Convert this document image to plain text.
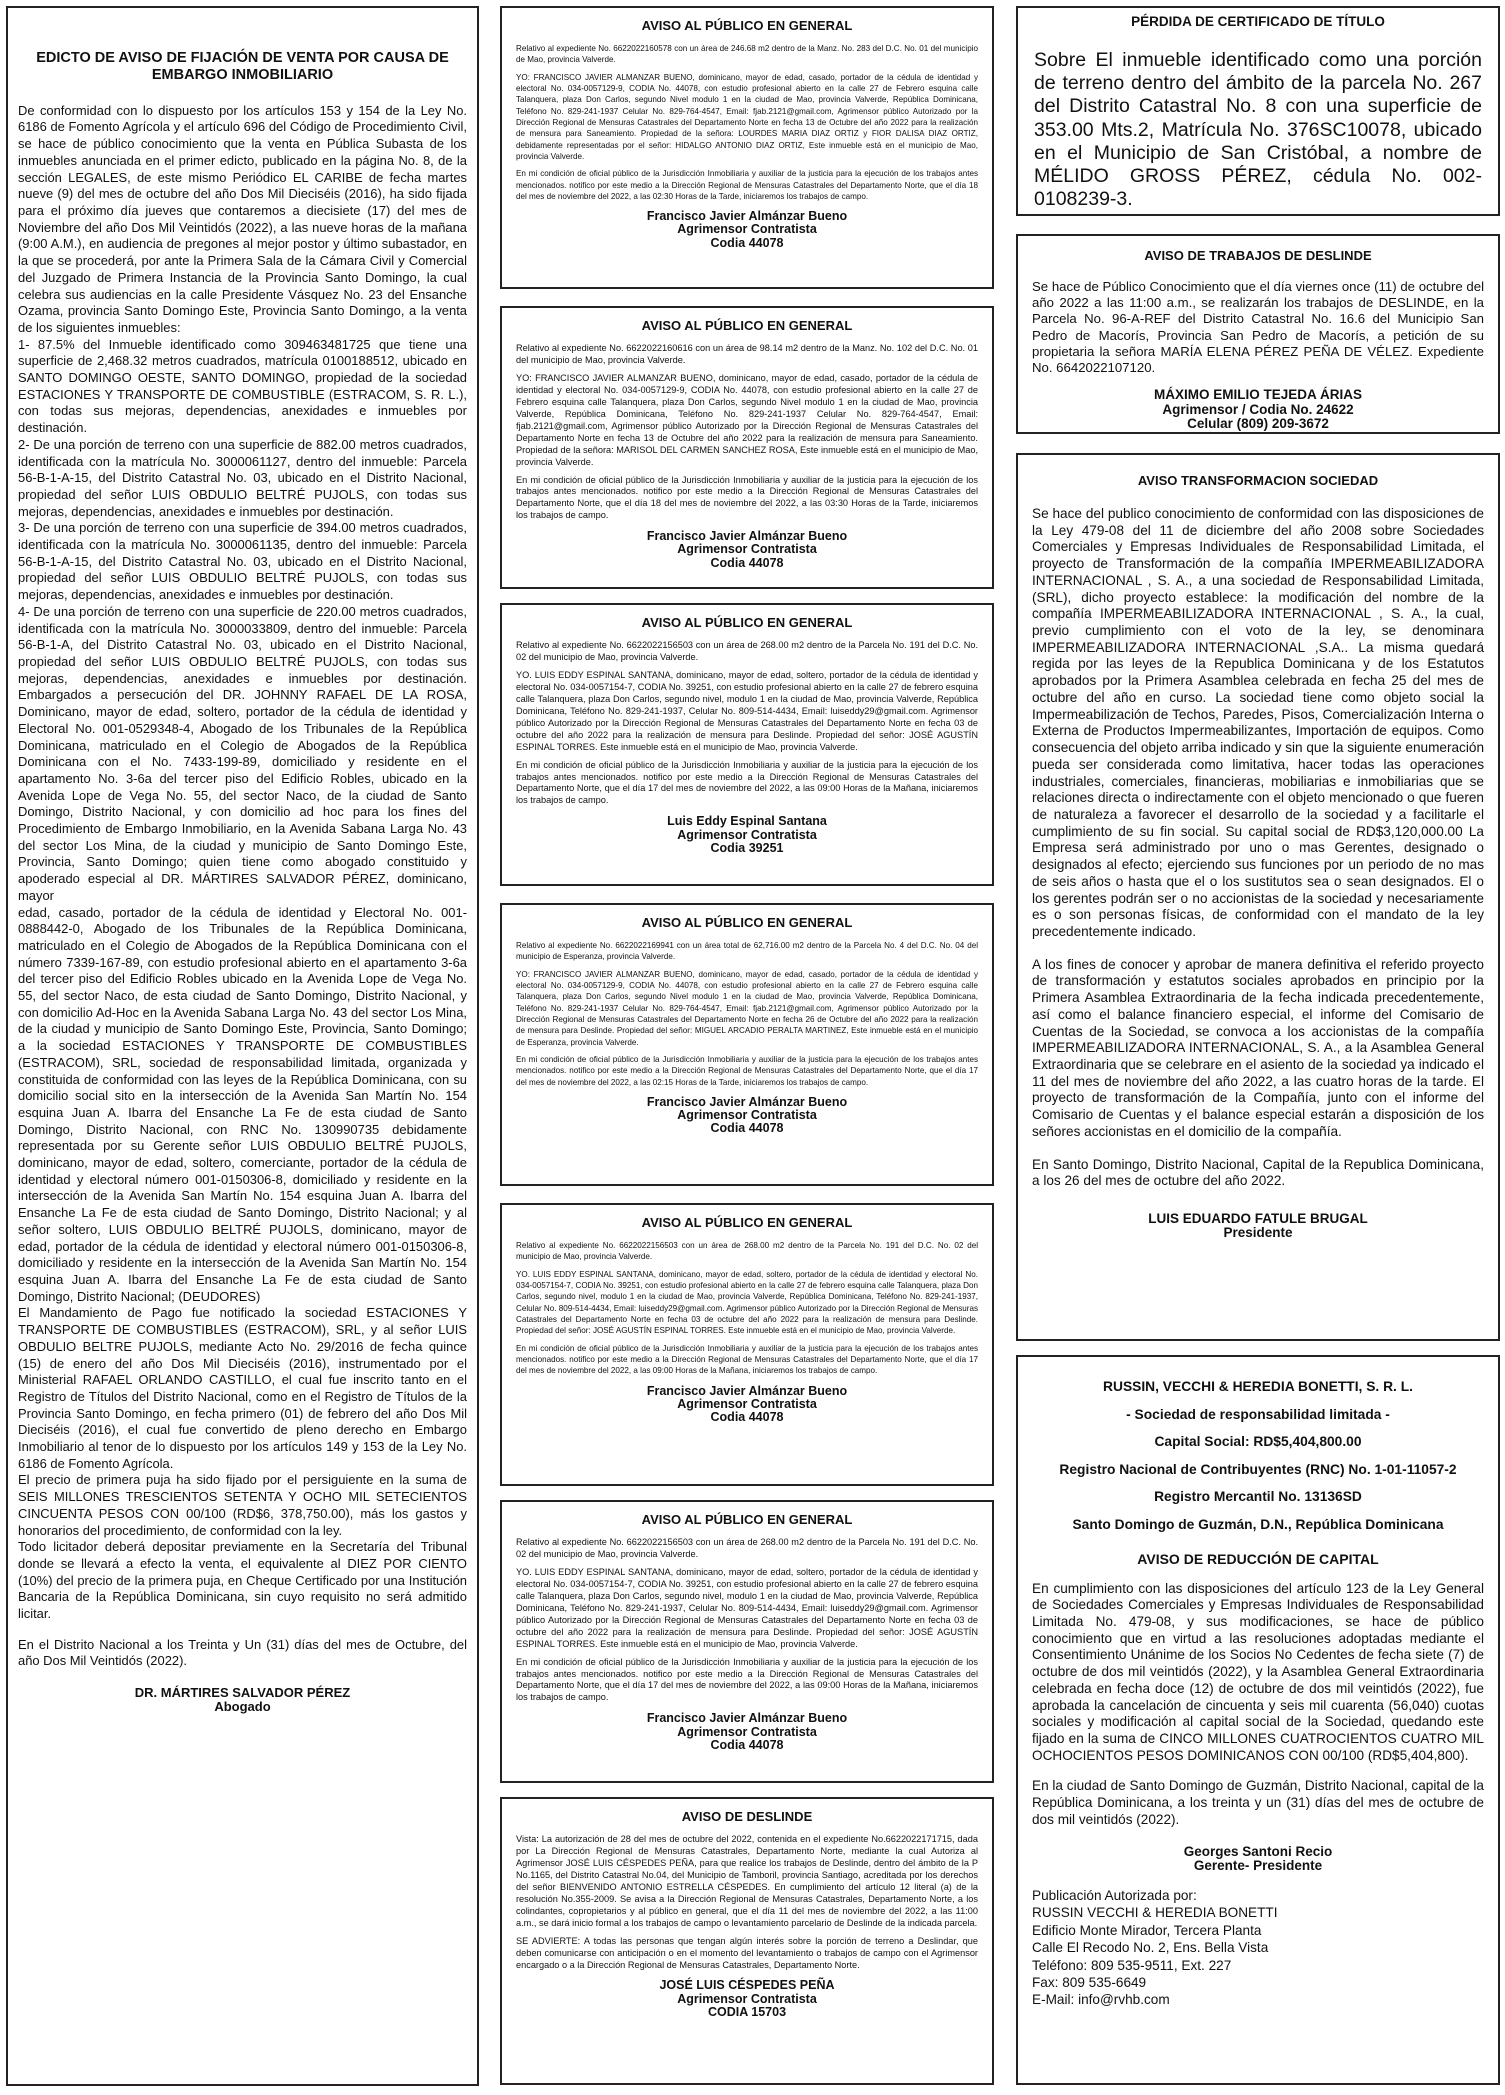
EDICTO DE AVISO DE FIJACIÓN DE VENTA POR CAUSA DE EMBARGO INMOBILIARIO

De conformidad con lo dispuesto por los artículos 153 y 154 de la Ley No. 6186 de Fomento Agrícola y el artículo 696 del Código de Procedimiento Civil, se hace de público conocimiento que la venta en Pública Subasta de los inmuebles anunciada en el primer edicto, publicado en la página No. 8, de la sección LEGALES, de este mismo Periódico EL CARIBE de fecha martes nueve (9) del mes de octubre del año Dos Mil Dieciséis (2016), ha sido fijada para el próximo día jueves que contaremos a diecisiete (17) del mes de Noviembre del año Dos Mil Veintidós (2022), a las nueve horas de la mañana (9:00 A.M.), en audiencia de pregones al mejor postor y último subastador, en la que se procederá, por ante la Primera Sala de la Cámara Civil y Comercial del Juzgado de Primera Instancia de la Provincia Santo Domingo, la cual celebra sus audiencias en la calle Presidente Vásquez No. 23 del Ensanche Ozama, provincia Santo Domingo Este, Provincia Santo Domingo, a la venta de los siguientes inmuebles:

1- 87.5% del Inmueble identificado como 309463481725 que tiene una superficie de 2,468.32 metros cuadrados, matrícula 0100188512, ubicado en SANTO DOMINGO OESTE, SANTO DOMINGO, propiedad de la sociedad ESTACIONES Y TRANSPORTE DE COMBUSTIBLE (ESTRACOM, S. R. L.), con todas sus mejoras, dependencias, anexidades e inmuebles por destinación.

2- De una porción de terreno con una superficie de 882.00 metros cuadrados, identificada con la matrícula No. 3000061127, dentro del inmueble: Parcela 56-B-1-A-15, del Distrito Catastral No. 03, ubicado en el Distrito Nacional, propiedad del señor LUIS OBDULIO BELTRÉ PUJOLS, con todas sus mejoras, dependencias, anexidades e inmuebles por destinación.

3- De una porción de terreno con una superficie de 394.00 metros cuadrados, identificada con la matrícula No. 3000061135, dentro del inmueble: Parcela 56-B-1-A-15, del Distrito Catastral No. 03, ubicado en el Distrito Nacional, propiedad del señor LUIS OBDULIO BELTRÉ PUJOLS, con todas sus mejoras, dependencias, anexidades e inmuebles por destinación.

4- De una porción de terreno con una superficie de 220.00 metros cuadrados, identificada con la matrícula No. 3000033809, dentro del inmueble: Parcela 56-B-1-A, del Distrito Catastral No. 03, ubicado en el Distrito Nacional, propiedad del señor LUIS OBDULIO BELTRÉ PUJOLS, con todas sus mejoras, dependencias, anexidades e inmuebles por destinación. Embargados a persecución del DR. JOHNNY RAFAEL DE LA ROSA, Dominicano, mayor de edad, soltero, portador de la cédula de identidad y Electoral No. 001-0529348-4, Abogado de los Tribunales de la República Dominicana, matriculado en el Colegio de Abogados de la República Dominicana con el No. 7433-199-89, domiciliado y residente en el apartamento No. 3-6a del tercer piso del Edificio Robles, ubicado en la Avenida Lope de Vega No. 55, del sector Naco, de la ciudad de Santo Domingo, Distrito Nacional, y con domicilio ad hoc para los fines del Procedimiento de Embargo Inmobiliario, en la Avenida Sabana Larga No. 43 del sector Los Mina, de la ciudad y municipio de Santo Domingo Este, Provincia, Santo Domingo; quien tiene como abogado constituido y apoderado especial al DR. MÁRTIRES SALVADOR PÉREZ, dominicano, mayor

edad, casado, portador de la cédula de identidad y Electoral No. 001-0888442-0, Abogado de los Tribunales de la República Dominicana, matriculado en el Colegio de Abogados de la República Dominicana con el número 7339-167-89, con estudio profesional abierto en el apartamento 3-6a del tercer piso del Edificio Robles ubicado en la Avenida Lope de Vega No. 55, del sector Naco, de esta ciudad de Santo Domingo, Distrito Nacional, y con domicilio Ad-Hoc en la Avenida Sabana Larga No. 43 del sector Los Mina, de la ciudad y municipio de Santo Domingo Este, Provincia, Santo Domingo; a la sociedad ESTACIONES Y TRANSPORTE DE COMBUSTIBLES (ESTRACOM), SRL, sociedad de responsabilidad limitada, organizada y constituida de conformidad con las leyes de la República Dominicana, con su domicilio social sito en la intersección de la Avenida San Martín No. 154 esquina Juan A. Ibarra del Ensanche La Fe de esta ciudad de Santo Domingo, Distrito Nacional, con RNC No. 130990735 debidamente representada por su Gerente señor LUIS OBDULIO BELTRÉ PUJOLS, dominicano, mayor de edad, soltero, comerciante, portador de la cédula de identidad y electoral número 001-0150306-8, domiciliado y residente en la intersección de la Avenida San Martín No. 154 esquina Juan A. Ibarra del Ensanche La Fe de esta ciudad de Santo Domingo, Distrito Nacional; y al señor soltero, LUIS OBDULIO BELTRÉ PUJOLS, dominicano, mayor de edad, portador de la cédula de identidad y electoral número 001-0150306-8, domiciliado y residente en la intersección de la Avenida San Martín No. 154 esquina Juan A. Ibarra del Ensanche La Fe de esta ciudad de Santo Domingo, Distrito Nacional; (DEUDORES)

El Mandamiento de Pago fue notificado la sociedad ESTACIONES Y TRANSPORTE DE COMBUSTIBLES (ESTRACOM), SRL, y al señor LUIS OBDULIO BELTRE PUJOLS, mediante Acto No. 29/2016 de fecha quince (15) de enero del año Dos Mil Dieciséis (2016), instrumentado por el Ministerial RAFAEL ORLANDO CASTILLO, el cual fue inscrito tanto en el Registro de Títulos del Distrito Nacional, como en el Registro de Títulos de la Provincia Santo Domingo, en fecha primero (01) de febrero del año Dos Mil Dieciséis (2016), el cual fue convertido de pleno derecho en Embargo Inmobiliario al tenor de lo dispuesto por los artículos 149 y 153 de la Ley No. 6186 de Fomento Agrícola.

El precio de primera puja ha sido fijado por el persiguiente en la suma de SEIS MILLONES TRESCIENTOS SETENTA Y OCHO MIL SETECIENTOS CINCUENTA PESOS CON 00/100 (RD$6, 378,750.00), más los gastos y honorarios del procedimiento, de conformidad con la ley.

Todo licitador deberá depositar previamente en la Secretaría del Tribunal donde se llevará a efecto la venta, el equivalente al DIEZ POR CIENTO (10%) del precio de la primera puja, en Cheque Certificado por una Institución Bancaria de la República Dominicana, sin cuyo requisito no será admitido licitar.

En el Distrito Nacional a los Treinta y Un (31) días del mes de Octubre, del año Dos Mil Veintidós (2022).
DR. MÁRTIRES SALVADOR PÉREZ
Abogado
AVISO AL PÚBLICO EN GENERAL

Relativo al expediente No. 6622022160578 con un área de 246.68 m2 dentro de la Manz. No. 283 del D.C. No. 01 del municipio de Mao, provincia Valverde.

YO: FRANCISCO JAVIER ALMANZAR BUENO, dominicano, mayor de edad, casado, portador de la cédula de identidad y electoral No. 034-0057129-9, CODIA No. 44078, con estudio profesional abierto en la calle 27 de Febrero esquina calle Talanquera, plaza Don Carlos, segundo Nivel modulo 1 en la ciudad de Mao, provincia Valverde, República Dominicana, Teléfono No. 829-241-1937 Celular No. 829-764-4547, Email: fjab.2121@gmail.com, Agrimensor público Autorizado por la Dirección Regional de Mensuras Catastrales del Departamento Norte en fecha 13 de Octubre del año 2022 para la realización de mensura para Saneamiento. Propiedad de la señora: LOURDES MARIA DIAZ ORTIZ y FIOR DALISA DIAZ ORTIZ, debidamente representadas por el señor: HIDALGO ANTONIO DIAZ ORTIZ, Este inmueble está en el municipio de Mao, provincia Valverde.

En mi condición de oficial público de la Jurisdicción Inmobiliaria y auxiliar de la justicia para la ejecución de los trabajos antes mencionados. notifico por este medio a la Dirección Regional de Mensuras Catastrales del Departamento Norte, que el día 18 del mes de noviembre del 2022, a las 02:30 Horas de la Tarde, iniciaremos los trabajos de campo.

Francisco Javier Almánzar Bueno
Agrimensor Contratista
Codia 44078
AVISO AL PÚBLICO EN GENERAL

Relativo al expediente No. 6622022160616 con un área de 98.14 m2 dentro de la Manz. No. 102 del D.C. No. 01 del municipio de Mao, provincia Valverde.

YO: FRANCISCO JAVIER ALMANZAR BUENO, dominicano, mayor de edad, casado, portador de la cédula de identidad y electoral No. 034-0057129-9, CODIA No. 44078, con estudio profesional abierto en la calle 27 de Febrero esquina calle Talanquera, plaza Don Carlos, segundo Nivel modulo 1 en la ciudad de Mao, provincia Valverde, República Dominicana, Teléfono No. 829-241-1937 Celular No. 829-764-4547, Email: fjab.2121@gmail.com, Agrimensor público Autorizado por la Dirección Regional de Mensuras Catastrales del Departamento Norte en fecha 13 de Octubre del año 2022 para la realización de mensura para Saneamiento. Propiedad de la señora: MARISOL DEL CARMEN SANCHEZ ROSA, Este inmueble está en el municipio de Mao, provincia Valverde.

En mi condición de oficial público de la Jurisdicción Inmobiliaria y auxiliar de la justicia para la ejecución de los trabajos antes mencionados. notifico por este medio a la Dirección Regional de Mensuras Catastrales del Departamento Norte, que el día 18 del mes de noviembre del 2022, a las 03:30 Horas de la Tarde, iniciaremos los trabajos de campo.

Francisco Javier Almánzar Bueno
Agrimensor Contratista
Codia 44078
AVISO AL PÚBLICO EN GENERAL

Relativo al expediente No. 6622022156503 con un área de 268.00 m2 dentro de la Parcela No. 191 del D.C. No. 02 del municipio de Mao, provincia Valverde.

YO. LUIS EDDY ESPINAL SANTANA, dominicano, mayor de edad, soltero, portador de la cédula de identidad y electoral No. 034-0057154-7, CODIA No. 39251, con estudio profesional abierto en la calle 27 de febrero esquina calle Talanquera, plaza Don Carlos, segundo nivel, modulo 1 en la ciudad de Mao, provincia Valverde, República Dominicana, Teléfono No. 829-241-1937, Celular No. 809-514-4434, Email: luiseddy29@gmail.com. Agrimensor público Autorizado por la Dirección Regional de Mensuras Catastrales del Departamento Norte en fecha 03 de octubre del año 2022 para la realización de mensura para Deslinde. Propiedad del señor: JOSÉ AGUSTÍN ESPINAL TORRES. Este inmueble está en el municipio de Mao, provincia Valverde.

En mi condición de oficial público de la Jurisdicción Inmobiliaria y auxiliar de la justicia para la ejecución de los trabajos antes mencionados. notifico por este medio a la Dirección Regional de Mensuras Catastrales del Departamento Norte, que el día 17 del mes de noviembre del 2022, a las 09:00 Horas de la Mañana, iniciaremos los trabajos de campo.

Luis Eddy Espinal Santana
Agrimensor Contratista
Codia 39251
AVISO AL PÚBLICO EN GENERAL

Relativo al expediente No. 6622022169941 con un área total de 62,716.00 m2 dentro de la Parcela No. 4 del D.C. No. 04 del municipio de Esperanza, provincia Valverde.

YO: FRANCISCO JAVIER ALMANZAR BUENO, dominicano, mayor de edad, casado, portador de la cédula de identidad y electoral No. 034-0057129-9, CODIA No. 44078, con estudio profesional abierto en la calle 27 de Febrero esquina calle Talanquera, plaza Don Carlos, segundo Nivel modulo 1 en la ciudad de Mao, provincia Valverde, República Dominicana, Teléfono No. 829-241-1937 Celular No. 829-764-4547, Email: fjab.2121@gmail.com, Agrimensor público Autorizado por la Dirección Regional de Mensuras Catastrales del Departamento Norte en fecha 26 de Octubre del año 2022 para la realización de mensura para Deslinde. Propiedad del señor: MIGUEL ARCADIO PERALTA MARTINEZ, Este inmueble está en el municipio de Esperanza, provincia Valverde.

En mi condición de oficial público de la Jurisdicción Inmobiliaria y auxiliar de la justicia para la ejecución de los trabajos antes mencionados. notifico por este medio a la Dirección Regional de Mensuras Catastrales del Departamento Norte, que el día 17 del mes de noviembre del 2022, a las 02:15 Horas de la Tarde, iniciaremos los trabajos de campo.

Francisco Javier Almánzar Bueno
Agrimensor Contratista
Codia 44078
AVISO AL PÚBLICO EN GENERAL

Relativo al expediente No. 6622022156503 con un área de 268.00 m2 dentro de la Parcela No. 191 del D.C. No. 02 del municipio de Mao, provincia Valverde.

YO. LUIS EDDY ESPINAL SANTANA, dominicano, mayor de edad, soltero, portador de la cédula de identidad y electoral No. 034-0057154-7, CODIA No. 39251, con estudio profesional abierto en la calle 27 de febrero esquina calle Talanquera, plaza Don Carlos, segundo nivel, modulo 1 en la ciudad de Mao, provincia Valverde, República Dominicana, Teléfono No. 829-241-1937, Celular No. 809-514-4434, Email: luiseddy29@gmail.com. Agrimensor público Autorizado por la Dirección Regional de Mensuras Catastrales del Departamento Norte en fecha 03 de octubre del año 2022 para la realización de mensura para Deslinde. Propiedad del señor: JOSÉ AGUSTÍN ESPINAL TORRES. Este inmueble está en el municipio de Mao, provincia Valverde.

En mi condición de oficial público de la Jurisdicción Inmobiliaria y auxiliar de la justicia para la ejecución de los trabajos antes mencionados. notifico por este medio a la Dirección Regional de Mensuras Catastrales del Departamento Norte, que el día 17 del mes de noviembre del 2022, a las 09:00 Horas de la Mañana, iniciaremos los trabajos de campo.

Francisco Javier Almánzar Bueno
Agrimensor Contratista
Codia 44078
AVISO AL PÚBLICO EN GENERAL

Relativo al expediente No. 6622022156503 con un área de 268.00 m2 dentro de la Parcela No. 191 del D.C. No. 02 del municipio de Mao, provincia Valverde.

YO. LUIS EDDY ESPINAL SANTANA, dominicano, mayor de edad, soltero, portador de la cédula de identidad y electoral No. 034-0057154-7, CODIA No. 39251, con estudio profesional abierto en la calle 27 de febrero esquina calle Talanquera, plaza Don Carlos, segundo nivel, modulo 1 en la ciudad de Mao, provincia Valverde, República Dominicana, Teléfono No. 829-241-1937, Celular No. 809-514-4434, Email: luiseddy29@gmail.com. Agrimensor público Autorizado por la Dirección Regional de Mensuras Catastrales del Departamento Norte en fecha 03 de octubre del año 2022 para la realización de mensura para Deslinde. Propiedad del señor: JOSÉ AGUSTÍN ESPINAL TORRES. Este inmueble está en el municipio de Mao, provincia Valverde.

En mi condición de oficial público de la Jurisdicción Inmobiliaria y auxiliar de la justicia para la ejecución de los trabajos antes mencionados. notifico por este medio a la Dirección Regional de Mensuras Catastrales del Departamento Norte, que el día 17 del mes de noviembre del 2022, a las 09:00 Horas de la Mañana, iniciaremos los trabajos de campo.

Francisco Javier Almánzar Bueno
Agrimensor Contratista
Codia 44078
AVISO DE DESLINDE

Vista: La autorización de 28 del mes de octubre del 2022, contenida en el expediente No.6622022171715, dada por La Dirección Regional de Mensuras Catastrales, Departamento Norte, mediante la cual Autoriza al Agrimensor JOSÉ LUIS CÉSPEDES PEÑA, para que realice los trabajos de Deslinde, dentro del ámbito de la P No.1165, del Distrito Catastral No.04, del Municipio de Tamboril, provincia Santiago, acreditada por los derechos del señor BIENVENIDO ANTONIO ESTRELLA CÉSPEDES. En cumplimiento del artículo 12 literal (a) de la resolución No.355-2009. Se avisa a la Dirección Regional de Mensuras Catastrales, Departamento Norte, a los colindantes, copropietarios y al público en general, que el día 11 del mes de noviembre del 2022, a las 11:00 a.m., se dará inicio formal a los trabajos de campo o levantamiento parcelario de Deslinde de la indicada parcela.

SE ADVIERTE: A todas las personas que tengan algún interés sobre la porción de terreno a Deslindar, que deben comunicarse con anticipación o en el momento del levantamiento o trabajos de campo con el Agrimensor encargado o a la Dirección Regional de Mensuras Catastrales, Departamento Norte.

JOSÉ LUIS CÉSPEDES PEÑA
Agrimensor Contratista
CODIA 15703
PÉRDIDA DE CERTIFICADO DE TÍTULO
Sobre El inmueble identificado como una porción de terreno dentro del ámbito de la parcela No. 267 del Distrito Catastral No. 8 con una superficie de 353.00 Mts.2, Matrícula No. 376SC10078, ubicado en el Municipio de San Cristóbal, a nombre de MÉLIDO GROSS PÉREZ, cédula No. 002-0108239-3.
AVISO DE TRABAJOS DE DESLINDE
Se hace de Público Conocimiento que el día viernes once (11) de octubre del año 2022 a las 11:00 a.m., se realizarán los trabajos de DESLINDE, en la Parcela No. 96-A-REF del Distrito Catastral No. 16.6 del Municipio San Pedro de Macorís, Provincia San Pedro de Macorís, a petición de su propietaria la señora MARÍA ELENA PÉREZ PEÑA DE VÉLEZ. Expediente No. 6642022107120.
MÁXIMO EMILIO TEJEDA ÁRIAS
Agrimensor / Codia No. 24622
Celular (809) 209-3672
AVISO TRANSFORMACION SOCIEDAD

Se hace del publico conocimiento de conformidad con las disposiciones de la Ley 479-08 del 11 de diciembre del año 2008 sobre Sociedades Comerciales y Empresas Individuales de Responsabilidad Limitada, el proyecto de Transformación de la compañía IMPERMEABILIZADORA INTERNACIONAL , S. A., a una sociedad de Responsabilidad Limitada, (SRL), dicho proyecto establece: la modificación del nombre de la compañía IMPERMEABILIZADORA INTERNACIONAL , S. A., la cual, previo cumplimiento con el voto de la ley, se denominara IMPERMEABILIZADORA INTERNACIONAL ,S.A.. La misma quedará regida por las leyes de la Republica Dominicana y de los Estatutos aprobados por la Primera Asamblea celebrada en fecha 25 del mes de octubre del año en curso. La sociedad tiene como objeto social la Impermeabilización de Techos, Paredes, Pisos, Comercialización Interna o Externa de Productos Impermeabilizantes, Importación de equipos. Como consecuencia del objeto arriba indicado y sin que la siguiente enumeración pueda ser considerada como limitativa, hacer todas las operaciones industriales, comerciales, financieras, mobiliarias e inmobiliarias que se relaciones directa o indirectamente con el objeto mencionado o que fueren de naturaleza a favorecer el desarrollo de la sociedad y a facilitarle el cumplimiento de su fin social. Su capital social de RD$3,120,000.00 La Empresa será administrado por uno o mas Gerentes, designado o designados al efecto; ejerciendo sus funciones por un periodo de no mas de seis años o hasta que el o los sustitutos sea o sean designados. El o los gerentes podrán ser o no accionistas de la sociedad y necesariamente es o son personas físicas, de conformidad con el mandato de la ley precedentemente indicado.

A los fines de conocer y aprobar de manera definitiva el referido proyecto de transformación y estatutos sociales aprobados en principio por la Primera Asamblea Extraordinaria de la fecha indicada precedentemente, así como el balance financiero especial, el informe del Comisario de Cuentas de la Sociedad, se convoca a los accionistas de la compañía IMPERMEABILIZADORA INTERNACIONAL, S. A., a la Asamblea General Extraordinaria que se celebrare en el asiento de la sociedad ya indicado el 11 del mes de noviembre del año 2022, a las cuatro horas de la tarde. El proyecto de transformación de la Compañía, junto con el informe del Comisario de Cuentas y el balance especial estarán a disposición de los señores accionistas en el domicilio de la compañía.

En Santo Domingo, Distrito Nacional, Capital de la Republica Dominicana, a los 26 del mes de octubre del año 2022.

LUIS EDUARDO FATULE BRUGAL
Presidente
RUSSIN, VECCHI & HEREDIA BONETTI, S. R. L.
- Sociedad de responsabilidad limitada -
Capital Social: RD$5,404,800.00
Registro Nacional de Contribuyentes (RNC) No. 1-01-11057-2
Registro Mercantil No. 13136SD
Santo Domingo de Guzmán, D.N., República Dominicana
AVISO DE REDUCCIÓN DE CAPITAL

En cumplimiento con las disposiciones del artículo 123 de la Ley General de Sociedades Comerciales y Empresas Individuales de Responsabilidad Limitada No. 479-08, y sus modificaciones, se hace de público conocimiento que en virtud a las resoluciones adoptadas mediante el Consentimiento Unánime de los Socios No Cedentes de fecha siete (7) de octubre de dos mil veintidós (2022), y la Asamblea General Extraordinaria celebrada en fecha doce (12) de octubre de dos mil veintidós (2022), fue aprobada la cancelación de cincuenta y seis mil cuarenta (56,040) cuotas sociales y modificación al capital social de la Sociedad, quedando este fijado en la suma de CINCO MILLONES CUATROCIENTOS CUATRO MIL OCHOCIENTOS PESOS DOMINICANOS CON 00/100 (RD$5,404,800).

En la ciudad de Santo Domingo de Guzmán, Distrito Nacional, capital de la República Dominicana, a los treinta y un (31) días del mes de octubre de dos mil veintidós (2022).

Georges Santoni Recio
Gerente- Presidente
Publicación Autorizada por:
RUSSIN VECCHI & HEREDIA BONETTI
Edificio Monte Mirador, Tercera Planta
Calle El Recodo No. 2, Ens. Bella Vista
Teléfono: 809 535-9511, Ext. 227
Fax: 809 535-6649
E-Mail: info@rvhb.com
